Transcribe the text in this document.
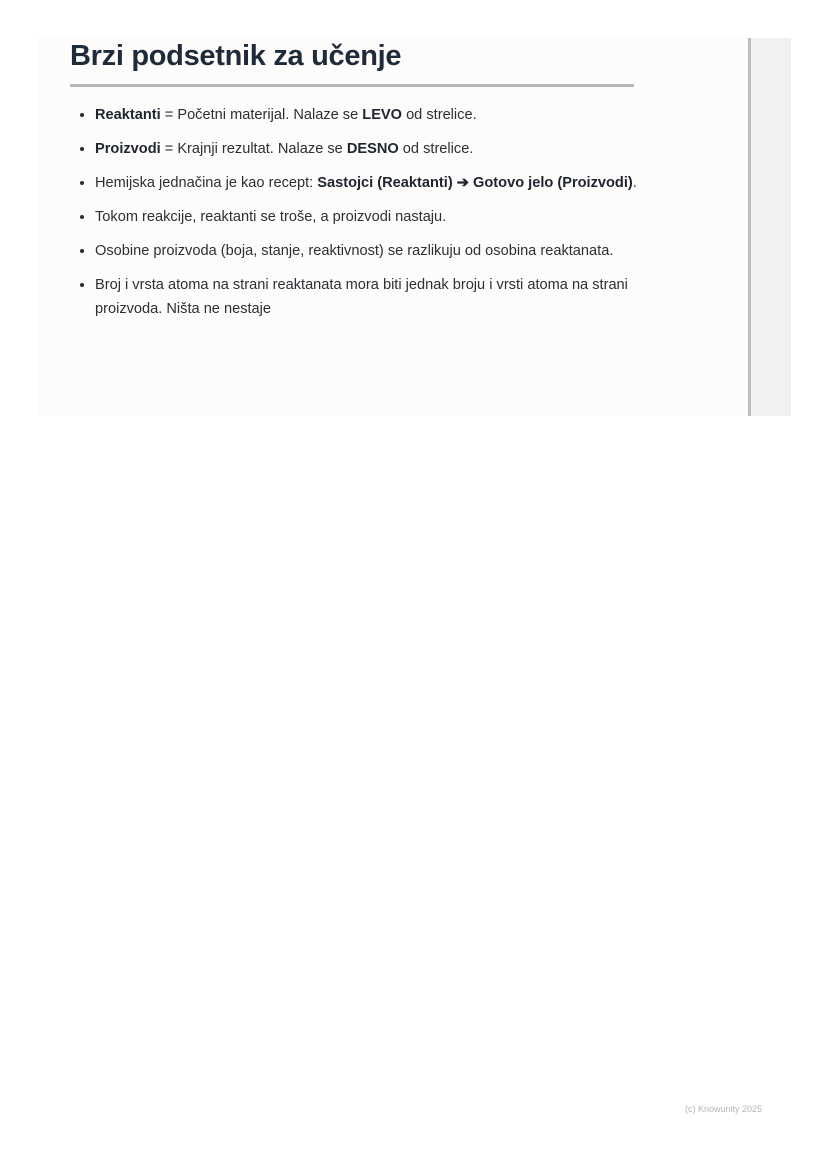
Brzi podsetnik za učenje
• Reaktanti = Početni materijal. Nalaze se LEVO od strelice.
• Proizvodi = Krajnji rezultat. Nalaze se DESNO od strelice.
• Hemijska jednačina je kao recept: Sastojci (Reaktanti) ➔ Gotovo jelo (Proizvodi).
• Tokom reakcije, reaktanti se troše, a proizvodi nastaju.
• Osobine proizvoda (boja, stanje, reaktivnost) se razlikuju od osobina reaktanata.
• Broj i vrsta atoma na strani reaktanata mora biti jednak broju i vrsti atoma na strani proizvoda. Ništa ne nestaje
(c) Knowunity 2025
